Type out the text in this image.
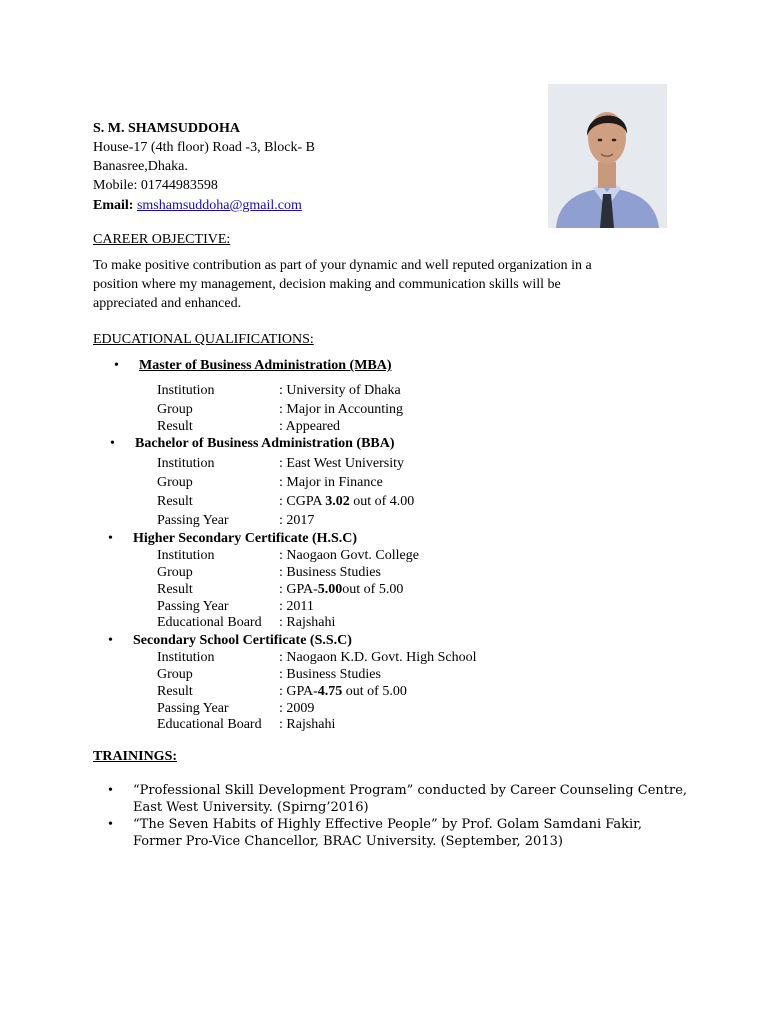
S. M. SHAMSUDDOHA
House-17 (4th floor) Road -3, Block- B
Banasree,Dhaka.
Mobile: 01744983598
Email: smshamsuddoha@gmail.com
CAREER OBJECTIVE:
To make positive contribution as part of your dynamic and well reputed organization in a
position where my management, decision making and communication skills will be
appreciated and enhanced.
EDUCATIONAL QUALIFICATIONS:
• Master of Business Administration (MBA)
Institution	: University of Dhaka
Group	: Major in Accounting
Result	: Appeared
• Bachelor of Business Administration (BBA)
Institution	: East West University
Group	: Major in Finance
Result	: CGPA 3.02 out of 4.00
Passing Year	: 2017
• Higher Secondary Certificate (H.S.C)
Institution	: Naogaon Govt. College
Group	: Business Studies
Result	: GPA-5.00out of 5.00
Passing Year	: 2011
Educational Board : Rajshahi
• Secondary School Certificate (S.S.C)
Institution	: Naogaon K.D. Govt. High School
Group	: Business Studies
Result	: GPA-4.75 out of 5.00
Passing Year	: 2009
Educational Board : Rajshahi
TRAININGS:
• “Professional Skill Development Program” conducted by Career Counseling Centre,
East West University. (Spirng’2016)
• “The Seven Habits of Highly Effective People” by Prof. Golam Samdani Fakir,
Former Pro-Vice Chancellor, BRAC University. (September, 2013)
